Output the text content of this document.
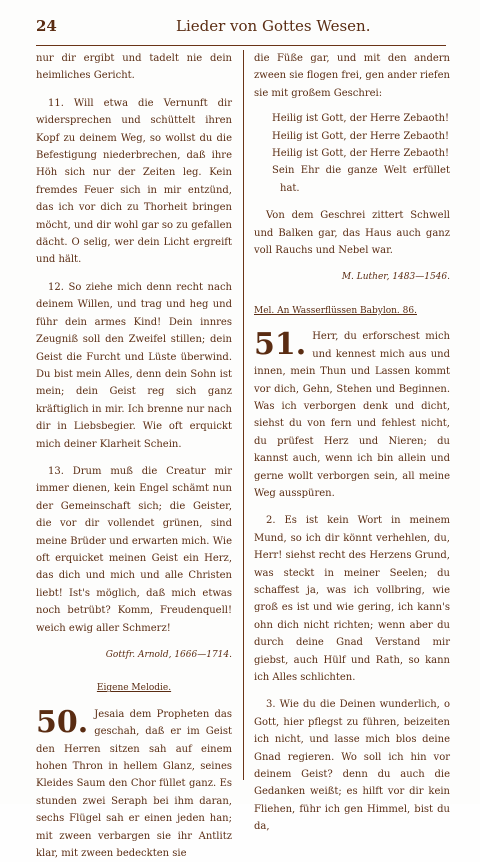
24	Lieder von Gottes Wesen.

nur dir ergibt und tadelt nie dein heimliches Gericht.

11. Will etwa die Vernunft dir widersprechen und schüttelt ihren Kopf zu deinem Weg, so wollst du die Befestigung niederbrechen, daß ihre Höh sich nur der Zeiten leg. Kein fremdes Feuer sich in mir entzünd, das ich vor dich zu Thorheit bringen möcht, und dir wohl gar so zu gefallen dächt. O selig, wer dein Licht ergreift und hält.

12. So ziehe mich denn recht nach deinem Willen, und trag und heg und führ dein armes Kind! Dein innres Zeugniß soll den Zweifel stillen; dein Geist die Furcht und Lüste überwind. Du bist mein Alles, denn dein Sohn ist mein; dein Geist reg sich ganz kräftiglich in mir. Ich brenne nur nach dir in Liebsbegier. Wie oft erquickt mich deiner Klarheit Schein.

13. Drum muß die Creatur mir immer dienen, kein Engel schämt nun der Gemeinschaft sich; die Geister, die vor dir vollendet grünen, sind meine Brüder und erwarten mich. Wie oft erquicket meinen Geist ein Herz, das dich und mich und alle Christen liebt! Ist's möglich, daß mich etwas noch betrübt? Komm, Freudenquell! weich ewig aller Schmerz!

Gottfr. Arnold, 1666—1714.

Eigene Melodie.

50. Jesaia dem Propheten das geschah, daß er im Geist den Herren sitzen sah auf einem hohen Thron in hellem Glanz, seines Kleides Saum den Chor füllet ganz. Es stunden zwei Seraph bei ihm daran, sechs Flügel sah er einen jeden han; mit zween verbargen sie ihr Antlitz klar, mit zween bedeckten sie

die Füße gar, und mit den andern zween sie flogen frei, gen ander riefen sie mit großem Geschrei:

Heilig ist Gott, der Herre Zebaoth!
Heilig ist Gott, der Herre Zebaoth!
Heilig ist Gott, der Herre Zebaoth!
Sein Ehr die ganze Welt erfüllet hat.

Von dem Geschrei zittert Schwell und Balken gar, das Haus auch ganz voll Rauchs und Nebel war.

M. Luther, 1483—1546.

Mel. An Wasserflüssen Babylon. 86.

51. Herr, du erforschest mich und kennest mich aus und innen, mein Thun und Lassen kommt vor dich, Gehn, Stehen und Beginnen. Was ich verborgen denk und dicht, siehst du von fern und fehlest nicht, du prüfest Herz und Nieren; du kannst auch, wenn ich bin allein und gerne wollt verborgen sein, all meine Weg ausspüren.

2. Es ist kein Wort in meinem Mund, so ich dir könnt verhehlen, du, Herr! siehst recht des Herzens Grund, was steckt in meiner Seelen; du schaffest ja, was ich vollbring, wie groß es ist und wie gering, ich kann's ohn dich nicht richten; wenn aber du durch deine Gnad Verstand mir giebst, auch Hülf und Rath, so kann ich Alles schlichten.

3. Wie du die Deinen wunderlich, o Gott, hier pflegst zu führen, beizeiten ich nicht, und lasse mich blos deine Gnad regieren. Wo soll ich hin vor deinem Geist? denn du auch die Gedanken weißt; es hilft vor dir kein Fliehen, führ ich gen Himmel, bist du da,
